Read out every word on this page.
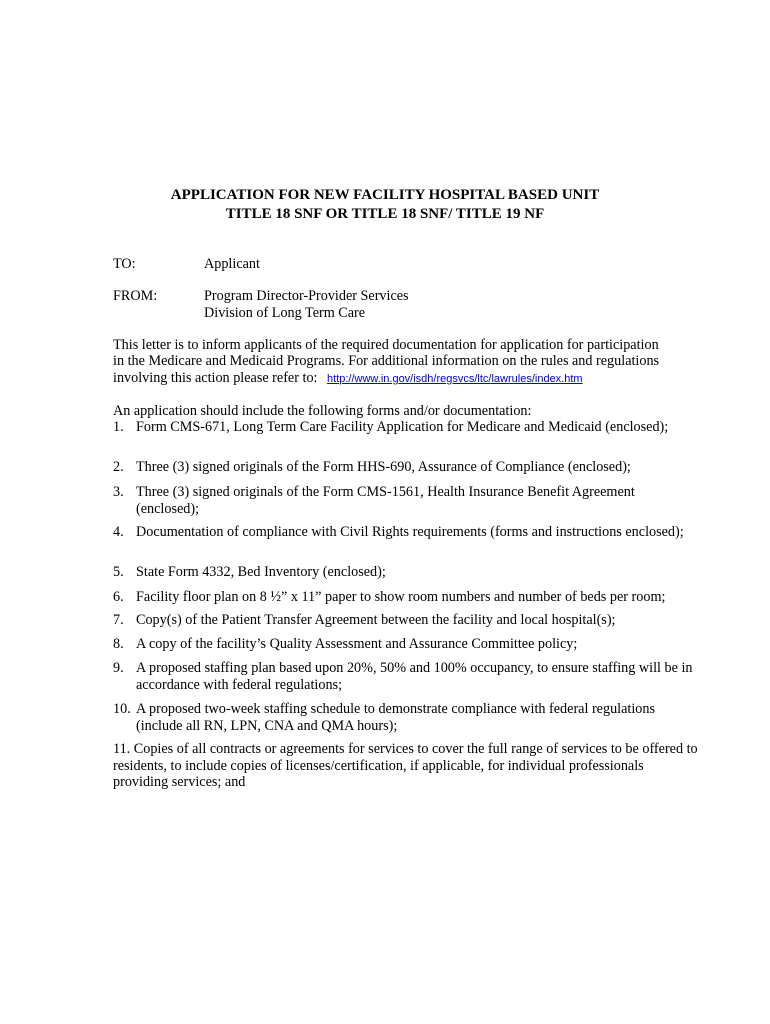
APPLICATION FOR NEW FACILITY HOSPITAL BASED UNIT
TITLE 18 SNF OR TITLE 18 SNF/ TITLE 19 NF
TO:	Applicant
FROM:	Program Director-Provider Services
Division of Long Term Care
This letter is to inform applicants of the required documentation for application for participation
in the Medicare and Medicaid Programs. For additional information on the rules and regulations
involving this action please refer to: http://www.in.gov/isdh/regsvcs/ltc/lawrules/index.htm
An application should include the following forms and/or documentation:
1. Form CMS-671, Long Term Care Facility Application for Medicare and Medicaid (enclosed);
2. Three (3) signed originals of the Form HHS-690, Assurance of Compliance (enclosed);
3. Three (3) signed originals of the Form CMS-1561, Health Insurance Benefit Agreement (enclosed);
4. Documentation of compliance with Civil Rights requirements (forms and instructions enclosed);
5. State Form 4332, Bed Inventory (enclosed);
6. Facility floor plan on 8 ½” x 11” paper to show room numbers and number of beds per room;
7. Copy(s) of the Patient Transfer Agreement between the facility and local hospital(s);
8. A copy of the facility’s Quality Assessment and Assurance Committee policy;
9. A proposed staffing plan based upon 20%, 50% and 100% occupancy, to ensure staffing will be in accordance with federal regulations;
10. A proposed two-week staffing schedule to demonstrate compliance with federal regulations (include all RN, LPN, CNA and QMA hours);
11. Copies of all contracts or agreements for services to cover the full range of services to be offered to residents, to include copies of licenses/certification, if applicable, for individual professionals providing services; and
